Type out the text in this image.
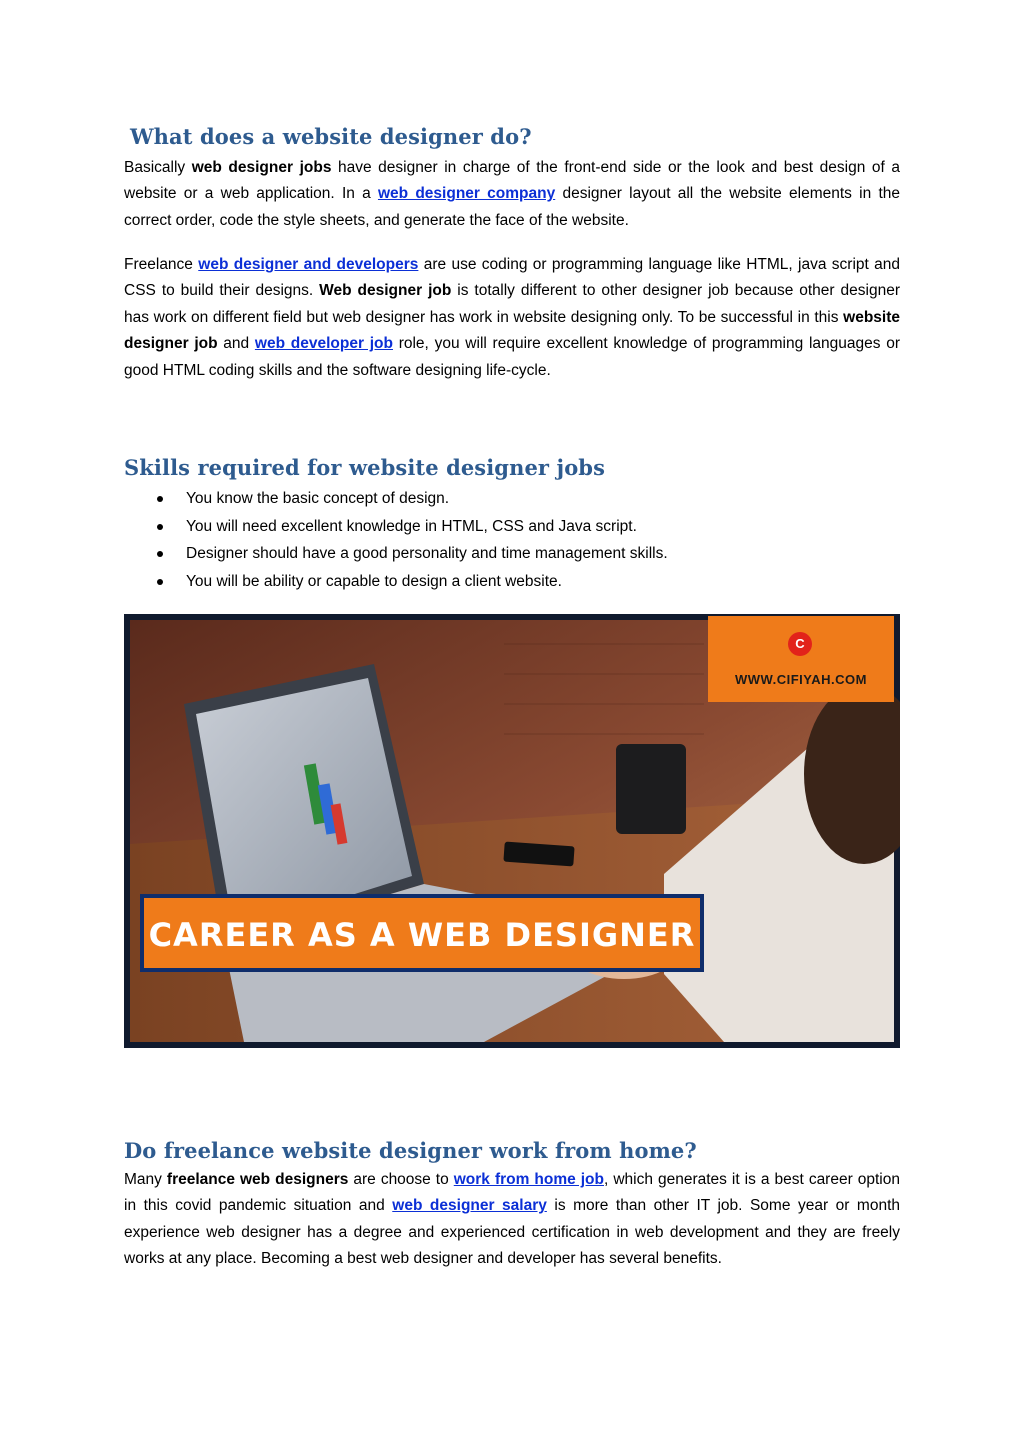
What does a website designer do?

Basically web designer jobs have designer in charge of the front-end side or the look and best design of a website or a web application. In a web designer company designer layout all the website elements in the correct order, code the style sheets, and generate the face of the website.

Freelance web designer and developers are use coding or programming language like HTML, java script and CSS to build their designs. Web designer job is totally different to other designer job because other designer has work on different field but web designer has work in website designing only. To be successful in this website designer job and web developer job role, you will require excellent knowledge of programming languages or good HTML coding skills and the software designing life-cycle.

Skills required for website designer jobs
You know the basic concept of design.
You will need excellent knowledge in HTML, CSS and Java script.
Designer should have a good personality and time management skills.
You will be ability or capable to design a client website.
C
WWW.CIFIYAH.COM
CAREER AS A WEB DESIGNER
Do freelance website designer work from home?

Many freelance web designers are choose to work from home job, which generates it is a best career option in this covid pandemic situation and web designer salary is more than other IT job. Some year or month experience web designer has a degree and experienced certification in web development and they are freely works at any place. Becoming a best web designer and developer has several benefits.
